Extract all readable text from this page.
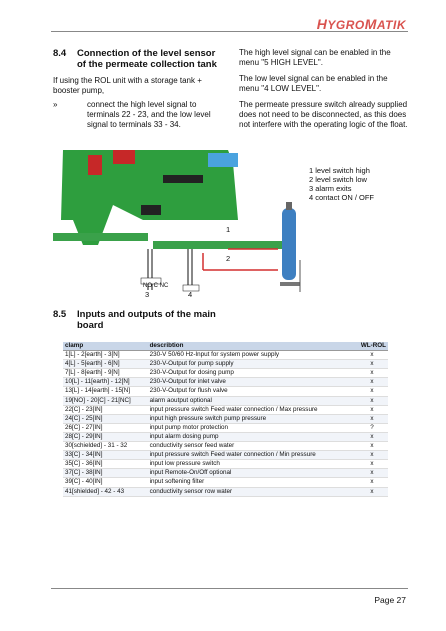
HYGROMATIK
8.4	Connection of the level sensor of the permeate collection tank

If using the ROL unit with a storage tank + booster pump,

»	connect the high level signal to terminals 22 - 23, and the low level signal to terminals 33 - 34.

The high level signal can be enabled in the menu "5 HIGH LEVEL".

The low level signal can be enabled in the menu "4 LOW LEVEL".

The permeate pressure switch already supplied does not need to be disconnected, as this does not interfere with the operating logic of the float.

NO C NC
3	4
1
2
1 level switch high
2 level switch low
3 alarm exits
4 contact ON / OFF
8.5	Inputs and outputs of the main board
clamp	describtion	WL-ROL
1[L] - 2[earth] - 3[N]	230-V 50/60 Hz-Input for system power supply	x
4[L] - 5[earth] - 6[N]	230-V-Output for pump supply	x
7[L] - 8[earth] - 9[N]	230-V-Output for dosing pump	x
10[L] - 11[earth] - 12[N]	230-V-Output for inlet valve	x
13[L] - 14[earth] - 15[N]	230-V-Output for flush valve	x
19[NO] - 20[C] - 21[NC]	alarm aoutput optional	x
22[C] - 23[IN]	input pressure switch Feed water connection / Max pressure	x
24[C] - 25[IN]	input high pressure switch pump pressure	x
26[C] - 27[IN]	input pump motor protection	?
28[C] - 29[IN]	input alarm dosing pump	x
30[schielded] - 31 - 32	conductivity sensor feed water	x
33[C] - 34[IN]	input pressure switch Feed water connection / Min pressure	x
35[C] - 36[IN]	input low pressure switch	x
37[C] - 38[IN]	input Remote-On/Off optional	x
39[C] - 40[IN]	input softening filter	x
41[shielded] - 42 - 43	conductivity sensor row water	x
Page 27
